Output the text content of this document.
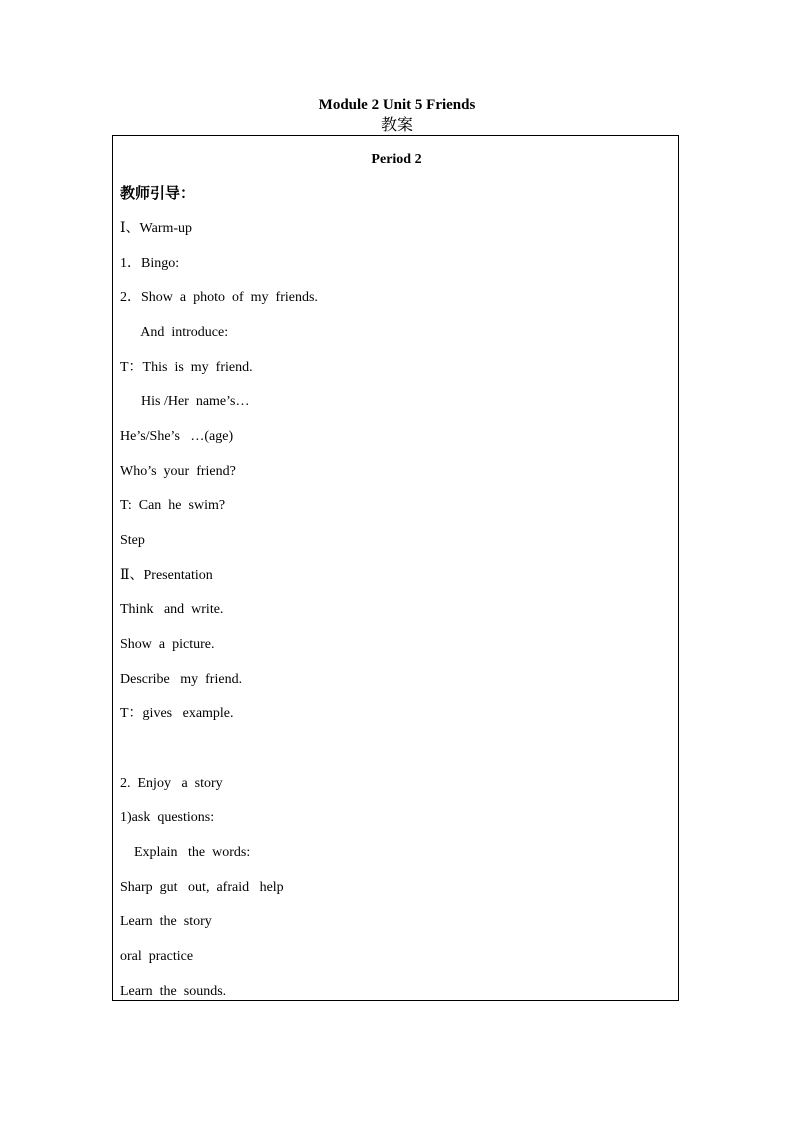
Module 2 Unit 5 Friends
教案
Period 2
教师引导：
Ⅰ、Warm-up
1．Bingo:
2．Show  a  photo  of  my  friends.
And  introduce:
T：This  is  my  friend.
His /Her  name’s…
He’s/She’s   …(age)
Who’s  your  friend?
T:  Can  he  swim?
Step
Ⅱ、Presentation
Think   and  write.
Show  a  picture.
Describe   my  friend.
T：gives   example.
2.  Enjoy   a  story
1)ask  questions:
Explain   the  words:
Sharp  gut   out,  afraid   help
Learn  the  story
oral  practice
Learn  the  sounds.
